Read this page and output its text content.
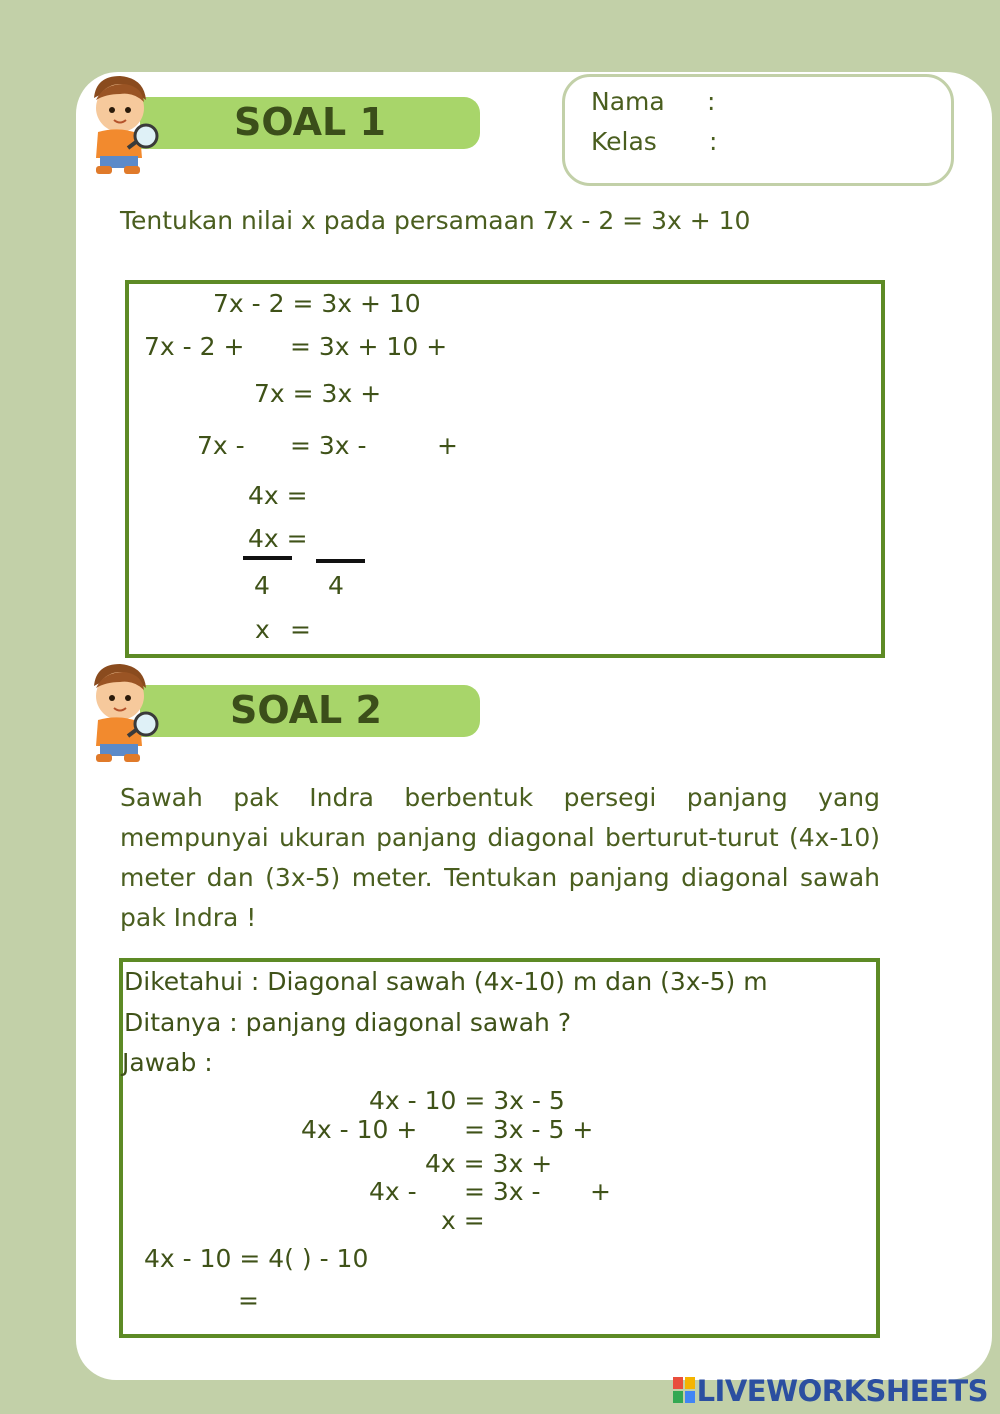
Nama :
Kelas :
SOAL 1
Tentukan nilai x pada persamaan 7x - 2 = 3x + 10
7x - 2 = 3x + 10
7x - 2 + = 3x + 10 +
7x = 3x +
7x - = 3x -	+
4x =
4x =
4 4
x =
SOAL 2

Sawah pak Indra berbentuk persegi panjang yang mempunyai ukuran panjang diagonal berturut-turut (4x-10) meter dan (3x-5) meter. Tentukan panjang diagonal sawah pak Indra !

Diketahui : Diagonal sawah (4x-10) m dan (3x-5) m
Ditanya : panjang diagonal sawah ?
Jawab :
4x - 10 = 3x - 5
4x - 10 + = 3x - 5 +
4x = 3x +
4x - = 3x - +
x =
4x - 10 = 4( ) - 10
=
LIVEWORKSHEETS
